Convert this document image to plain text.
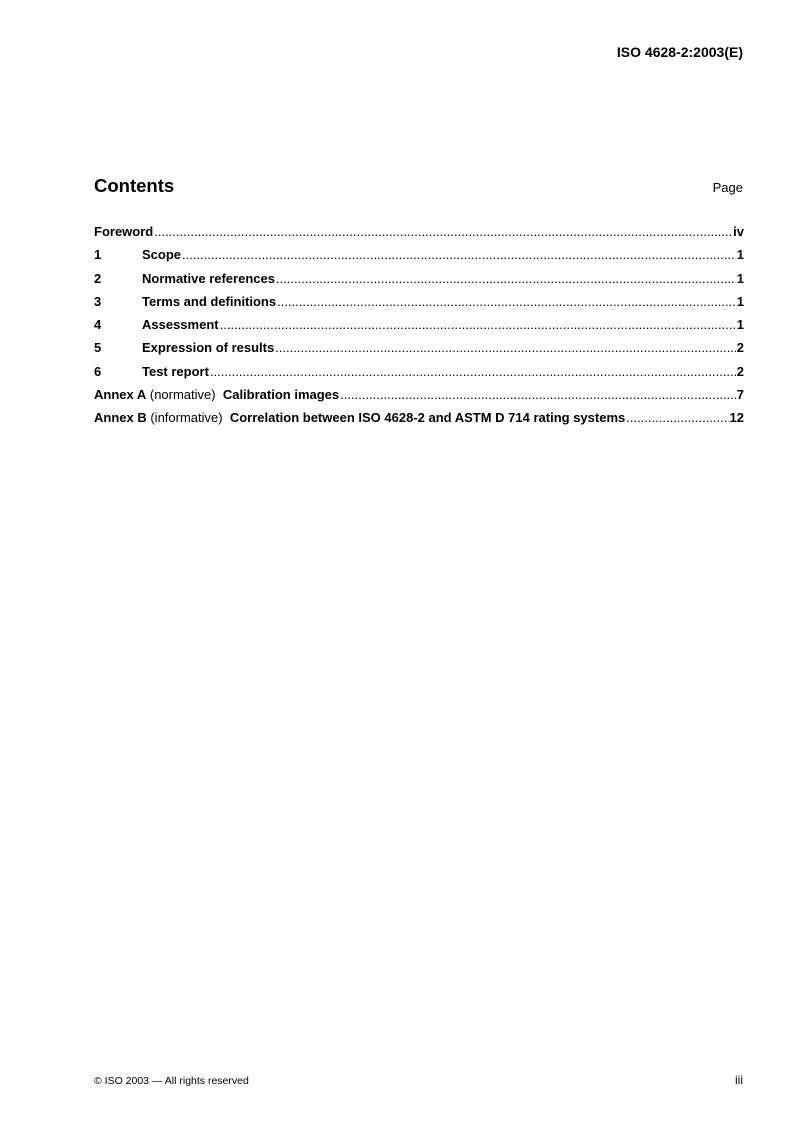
ISO 4628-2:2003(E)
Contents	Page
Foreword .....	iv
1	Scope .....	1
2	Normative references .....	1
3	Terms and definitions .....	1
4	Assessment .....	1
5	Expression of results .....	2
6	Test report .....	2
Annex A (normative) Calibration images .....	7
Annex B (informative) Correlation between ISO 4628-2 and ASTM D 714 rating systems .....	12
© ISO 2003 — All rights reserved	iii
